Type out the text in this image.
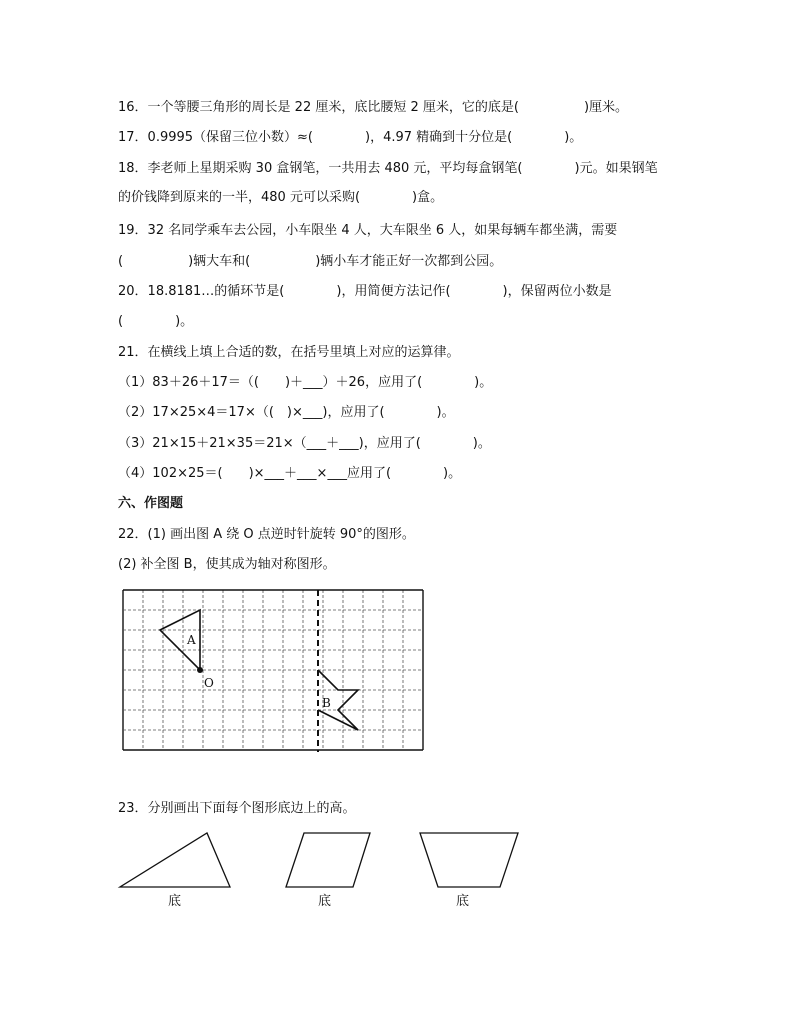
16．一个等腰三角形的周长是 22 厘米，底比腰短 2 厘米，它的底是(　　　　　)厘米。
17．0.9995（保留三位小数）≈(　　　　)，4.97 精确到十分位是(　　　　)。
18．李老师上星期采购 30 盒钢笔，一共用去 480 元，平均每盒钢笔(　　　　)元。如果钢笔
的价钱降到原来的一半，480 元可以采购(　　　　)盒。
19．32 名同学乘车去公园，小车限坐 4 人，大车限坐 6 人，如果每辆车都坐满，需要
(　　　　　)辆大车和(　　　　　)辆小车才能正好一次都到公园。
20．18.8181…的循环节是(　　　　)，用简便方法记作(　　　　)，保留两位小数是
(　　　　)。
21．在横线上填上合适的数，在括号里填上对应的运算律。
（1）83＋26＋17＝（(　　)＋___）＋26，应用了(　　　　)。
（2）17×25×4＝17×（(　)×___)，应用了(　　　　)。
（3）21×15＋21×35＝21×（___＋___)，应用了(　　　　)。
（4）102×25＝(　　)×___＋___×___应用了(　　　　)。
六、作图题
22．(1) 画出图 A 绕 O 点逆时针旋转 90°的图形。
(2) 补全图 B，使其成为轴对称图形。
A
O
B
23．分别画出下面每个图形底边上的高。
底	底	底
